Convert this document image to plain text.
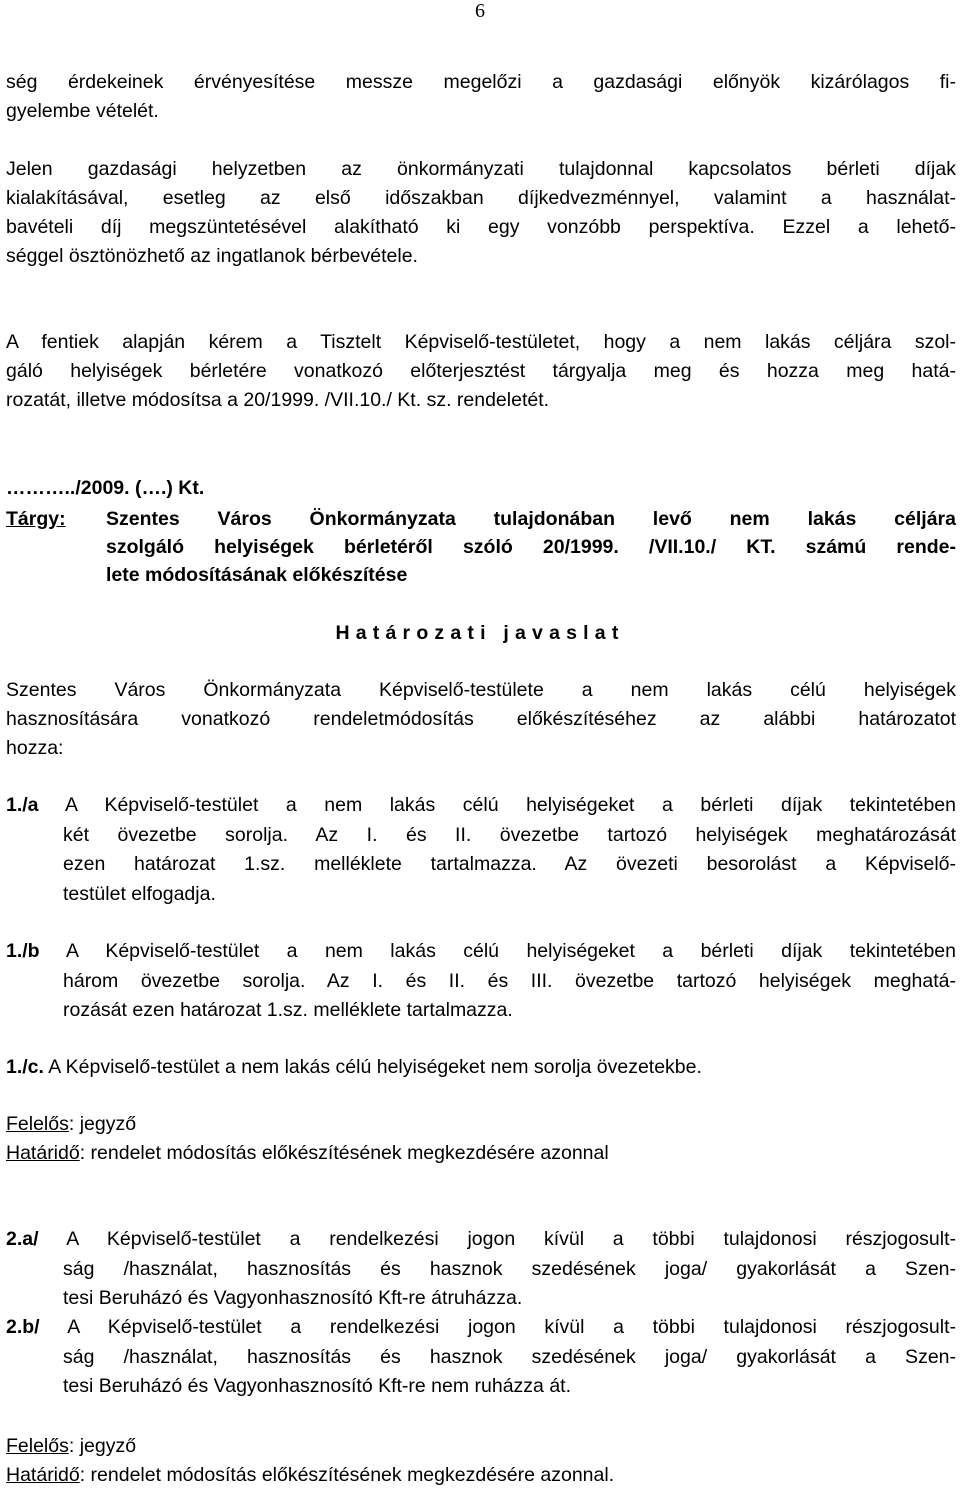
6
ség érdekeinek érvényesítése messze megelőzi a gazdasági előnyök kizárólagos fi-
gyelembe vételét.
Jelen gazdasági helyzetben az önkormányzati tulajdonnal kapcsolatos bérleti díjak
kialakításával, esetleg az első időszakban díjkedvezménnyel, valamint a használat-
bavételi díj megszüntetésével alakítható ki egy vonzóbb perspektíva. Ezzel a lehető-
séggel ösztönözhető az ingatlanok bérbevétele.
A fentiek alapján kérem a Tisztelt Képviselő-testületet, hogy a nem lakás céljára szol-
gáló helyiségek bérletére vonatkozó előterjesztést tárgyalja meg és hozza meg hatá-
rozatát, illetve módosítsa a 20/1999. /VII.10./ Kt. sz. rendeletét.
………../2009. (….) Kt.
Tárgy: Szentes Város Önkormányzata tulajdonában levő nem lakás céljára
szolgáló helyiségek bérletéről szóló 20/1999. /VII.10./ KT. számú rende-
lete módosításának előkészítése
Határozati javaslat
Szentes Város Önkormányzata Képviselő-testülete a nem lakás célú helyiségek
hasznosítására vonatkozó rendeletmódosítás előkészítéséhez az alábbi határozatot
hozza:
1./a A Képviselő-testület a nem lakás célú helyiségeket a bérleti díjak tekintetében
két övezetbe sorolja. Az I. és II. övezetbe tartozó helyiségek meghatározását
ezen határozat 1.sz. melléklete tartalmazza. Az övezeti besorolást a Képviselő-
testület elfogadja.
1./b A Képviselő-testület a nem lakás célú helyiségeket a bérleti díjak tekintetében
három övezetbe sorolja. Az I. és II. és III. övezetbe tartozó helyiségek meghatá-
rozását ezen határozat 1.sz. melléklete tartalmazza.
1./c. A Képviselő-testület a nem lakás célú helyiségeket nem sorolja övezetekbe.
Felelős: jegyző
Határidő: rendelet módosítás előkészítésének megkezdésére azonnal
2.a/ A Képviselő-testület a rendelkezési jogon kívül a többi tulajdonosi részjogosult-
ság /használat, hasznosítás és hasznok szedésének joga/ gyakorlását a Szen-
tesi Beruházó és Vagyonhasznosító Kft-re átruházza.
2.b/ A Képviselő-testület a rendelkezési jogon kívül a többi tulajdonosi részjogosult-
ság /használat, hasznosítás és hasznok szedésének joga/ gyakorlását a Szen-
tesi Beruházó és Vagyonhasznosító Kft-re nem ruházza át.
Felelős: jegyző
Határidő: rendelet módosítás előkészítésének megkezdésére azonnal.
